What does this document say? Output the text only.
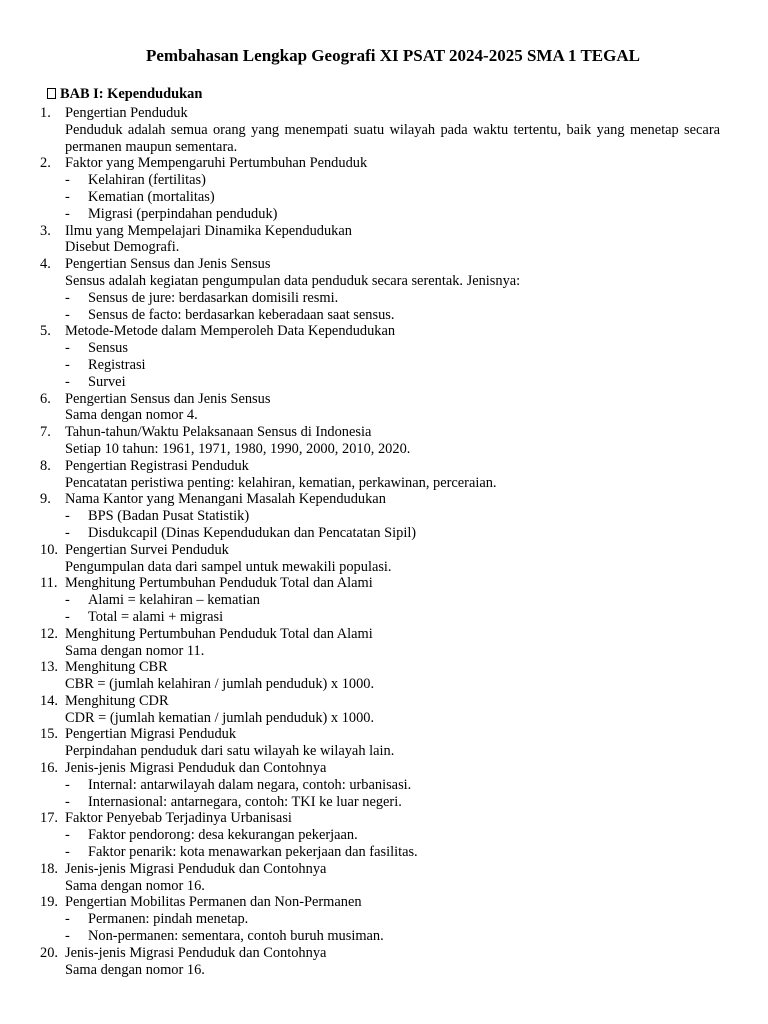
Pembahasan Lengkap Geografi XI PSAT 2024-2025 SMA 1 TEGAL
BAB I: Kependudukan
1. Pengertian Penduduk
Penduduk adalah semua orang yang menempati suatu wilayah pada waktu tertentu, baik yang menetap secara permanen maupun sementara.
2. Faktor yang Mempengaruhi Pertumbuhan Penduduk
- Kelahiran (fertilitas)
- Kematian (mortalitas)
- Migrasi (perpindahan penduduk)
3. Ilmu yang Mempelajari Dinamika Kependudukan
Disebut Demografi.
4. Pengertian Sensus dan Jenis Sensus
Sensus adalah kegiatan pengumpulan data penduduk secara serentak. Jenisnya:
- Sensus de jure: berdasarkan domisili resmi.
- Sensus de facto: berdasarkan keberadaan saat sensus.
5. Metode-Metode dalam Memperoleh Data Kependudukan
- Sensus
- Registrasi
- Survei
6. Pengertian Sensus dan Jenis Sensus
Sama dengan nomor 4.
7. Tahun-tahun/Waktu Pelaksanaan Sensus di Indonesia
Setiap 10 tahun: 1961, 1971, 1980, 1990, 2000, 2010, 2020.
8. Pengertian Registrasi Penduduk
Pencatatan peristiwa penting: kelahiran, kematian, perkawinan, perceraian.
9. Nama Kantor yang Menangani Masalah Kependudukan
- BPS (Badan Pusat Statistik)
- Disdukcapil (Dinas Kependudukan dan Pencatatan Sipil)
10. Pengertian Survei Penduduk
Pengumpulan data dari sampel untuk mewakili populasi.
11. Menghitung Pertumbuhan Penduduk Total dan Alami
- Alami = kelahiran – kematian
- Total = alami + migrasi
12. Menghitung Pertumbuhan Penduduk Total dan Alami
Sama dengan nomor 11.
13. Menghitung CBR
CBR = (jumlah kelahiran / jumlah penduduk) x 1000.
14. Menghitung CDR
CDR = (jumlah kematian / jumlah penduduk) x 1000.
15. Pengertian Migrasi Penduduk
Perpindahan penduduk dari satu wilayah ke wilayah lain.
16. Jenis-jenis Migrasi Penduduk dan Contohnya
- Internal: antarwilayah dalam negara, contoh: urbanisasi.
- Internasional: antarnegara, contoh: TKI ke luar negeri.
17. Faktor Penyebab Terjadinya Urbanisasi
- Faktor pendorong: desa kekurangan pekerjaan.
- Faktor penarik: kota menawarkan pekerjaan dan fasilitas.
18. Jenis-jenis Migrasi Penduduk dan Contohnya
Sama dengan nomor 16.
19. Pengertian Mobilitas Permanen dan Non-Permanen
- Permanen: pindah menetap.
- Non-permanen: sementara, contoh buruh musiman.
20. Jenis-jenis Migrasi Penduduk dan Contohnya
Sama dengan nomor 16.
